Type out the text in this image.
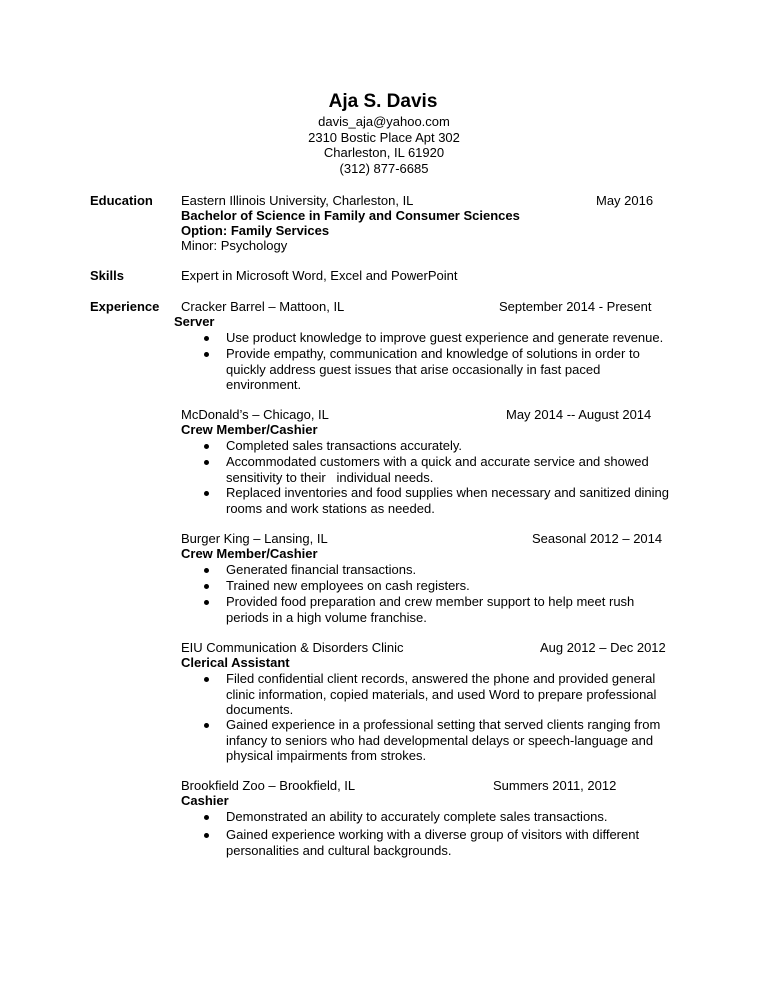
Aja S. Davis
davis_aja@yahoo.com
2310 Bostic Place Apt 302
Charleston, IL 61920
(312) 877-6685
Education Eastern Illinois University, Charleston, IL	May 2016
Bachelor of Science in Family and Consumer Sciences
Option: Family Services
Minor: Psychology
Skills	Expert in Microsoft Word, Excel and PowerPoint
Experience Cracker Barrel – Mattoon, IL	September 2014 - Present
Server
Use product knowledge to improve guest experience and generate revenue.
Provide empathy, communication and knowledge of solutions in order to
quickly address guest issues that arise occasionally in fast paced
environment.
McDonald’s – Chicago, IL	May 2014 -- August 2014
Crew Member/Cashier
Completed sales transactions accurately.
Accommodated customers with a quick and accurate service and showed
sensitivity to their   individual needs.
Replaced inventories and food supplies when necessary and sanitized dining
rooms and work stations as needed.
Burger King – Lansing, IL	Seasonal 2012 – 2014
Crew Member/Cashier
Generated financial transactions.
Trained new employees on cash registers.
Provided food preparation and crew member support to help meet rush
periods in a high volume franchise.
EIU Communication & Disorders Clinic	Aug 2012 – Dec 2012
Clerical Assistant
Filed confidential client records, answered the phone and provided general
clinic information, copied materials, and used Word to prepare professional
documents.
Gained experience in a professional setting that served clients ranging from
infancy to seniors who had developmental delays or speech-language and
physical impairments from strokes.
Brookfield Zoo – Brookfield, IL	Summers 2011, 2012
Cashier
Demonstrated an ability to accurately complete sales transactions.
Gained experience working with a diverse group of visitors with different
personalities and cultural backgrounds.
